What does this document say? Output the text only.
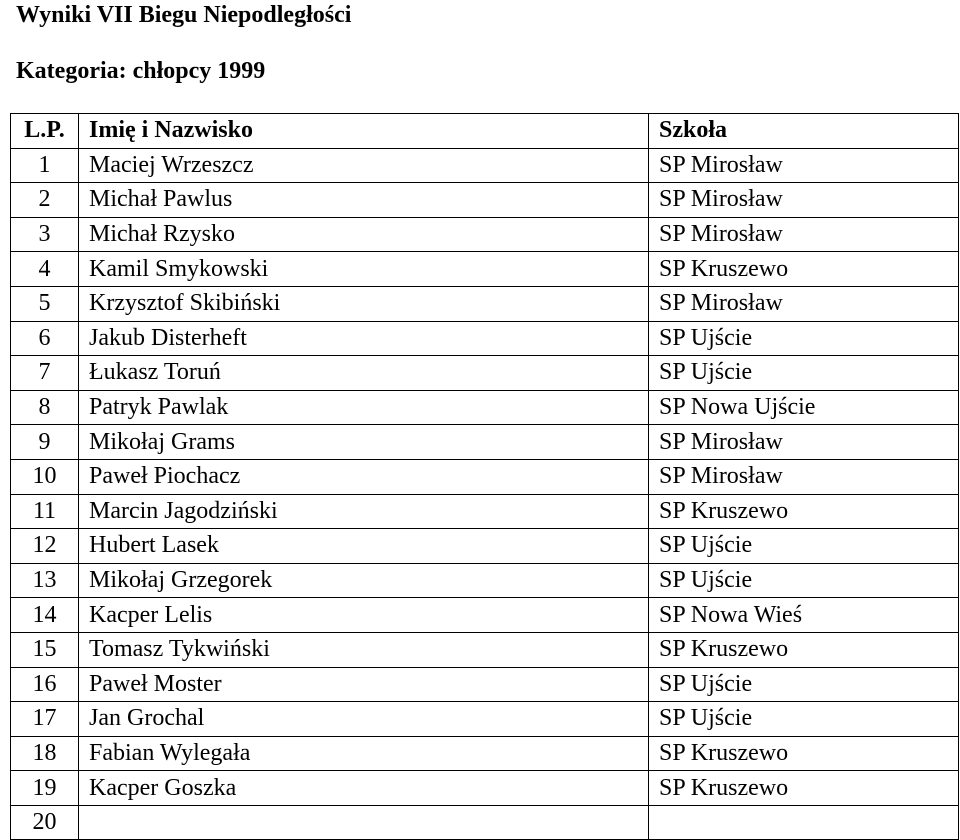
Wyniki VII Biegu Niepodległości
Kategoria: chłopcy 1999
L.P.	Imię i Nazwisko	Szkoła
1	Maciej Wrzeszcz	SP Mirosław
2	Michał Pawlus	SP Mirosław
3	Michał Rzysko	SP Mirosław
4	Kamil Smykowski	SP Kruszewo
5	Krzysztof Skibiński	SP Mirosław
6	Jakub Disterheft	SP Ujście
7	Łukasz Toruń	SP Ujście
8	Patryk Pawlak	SP Nowa Ujście
9	Mikołaj Grams	SP Mirosław
10	Paweł Piochacz	SP Mirosław
11	Marcin Jagodziński	SP Kruszewo
12	Hubert Lasek	SP Ujście
13	Mikołaj Grzegorek	SP Ujście
14	Kacper Lelis	SP Nowa Wieś
15	Tomasz Tykwiński	SP Kruszewo
16	Paweł Moster	SP Ujście
17	Jan Grochal	SP Ujście
18	Fabian Wylegała	SP Kruszewo
19	Kacper Goszka	SP Kruszewo
20		
